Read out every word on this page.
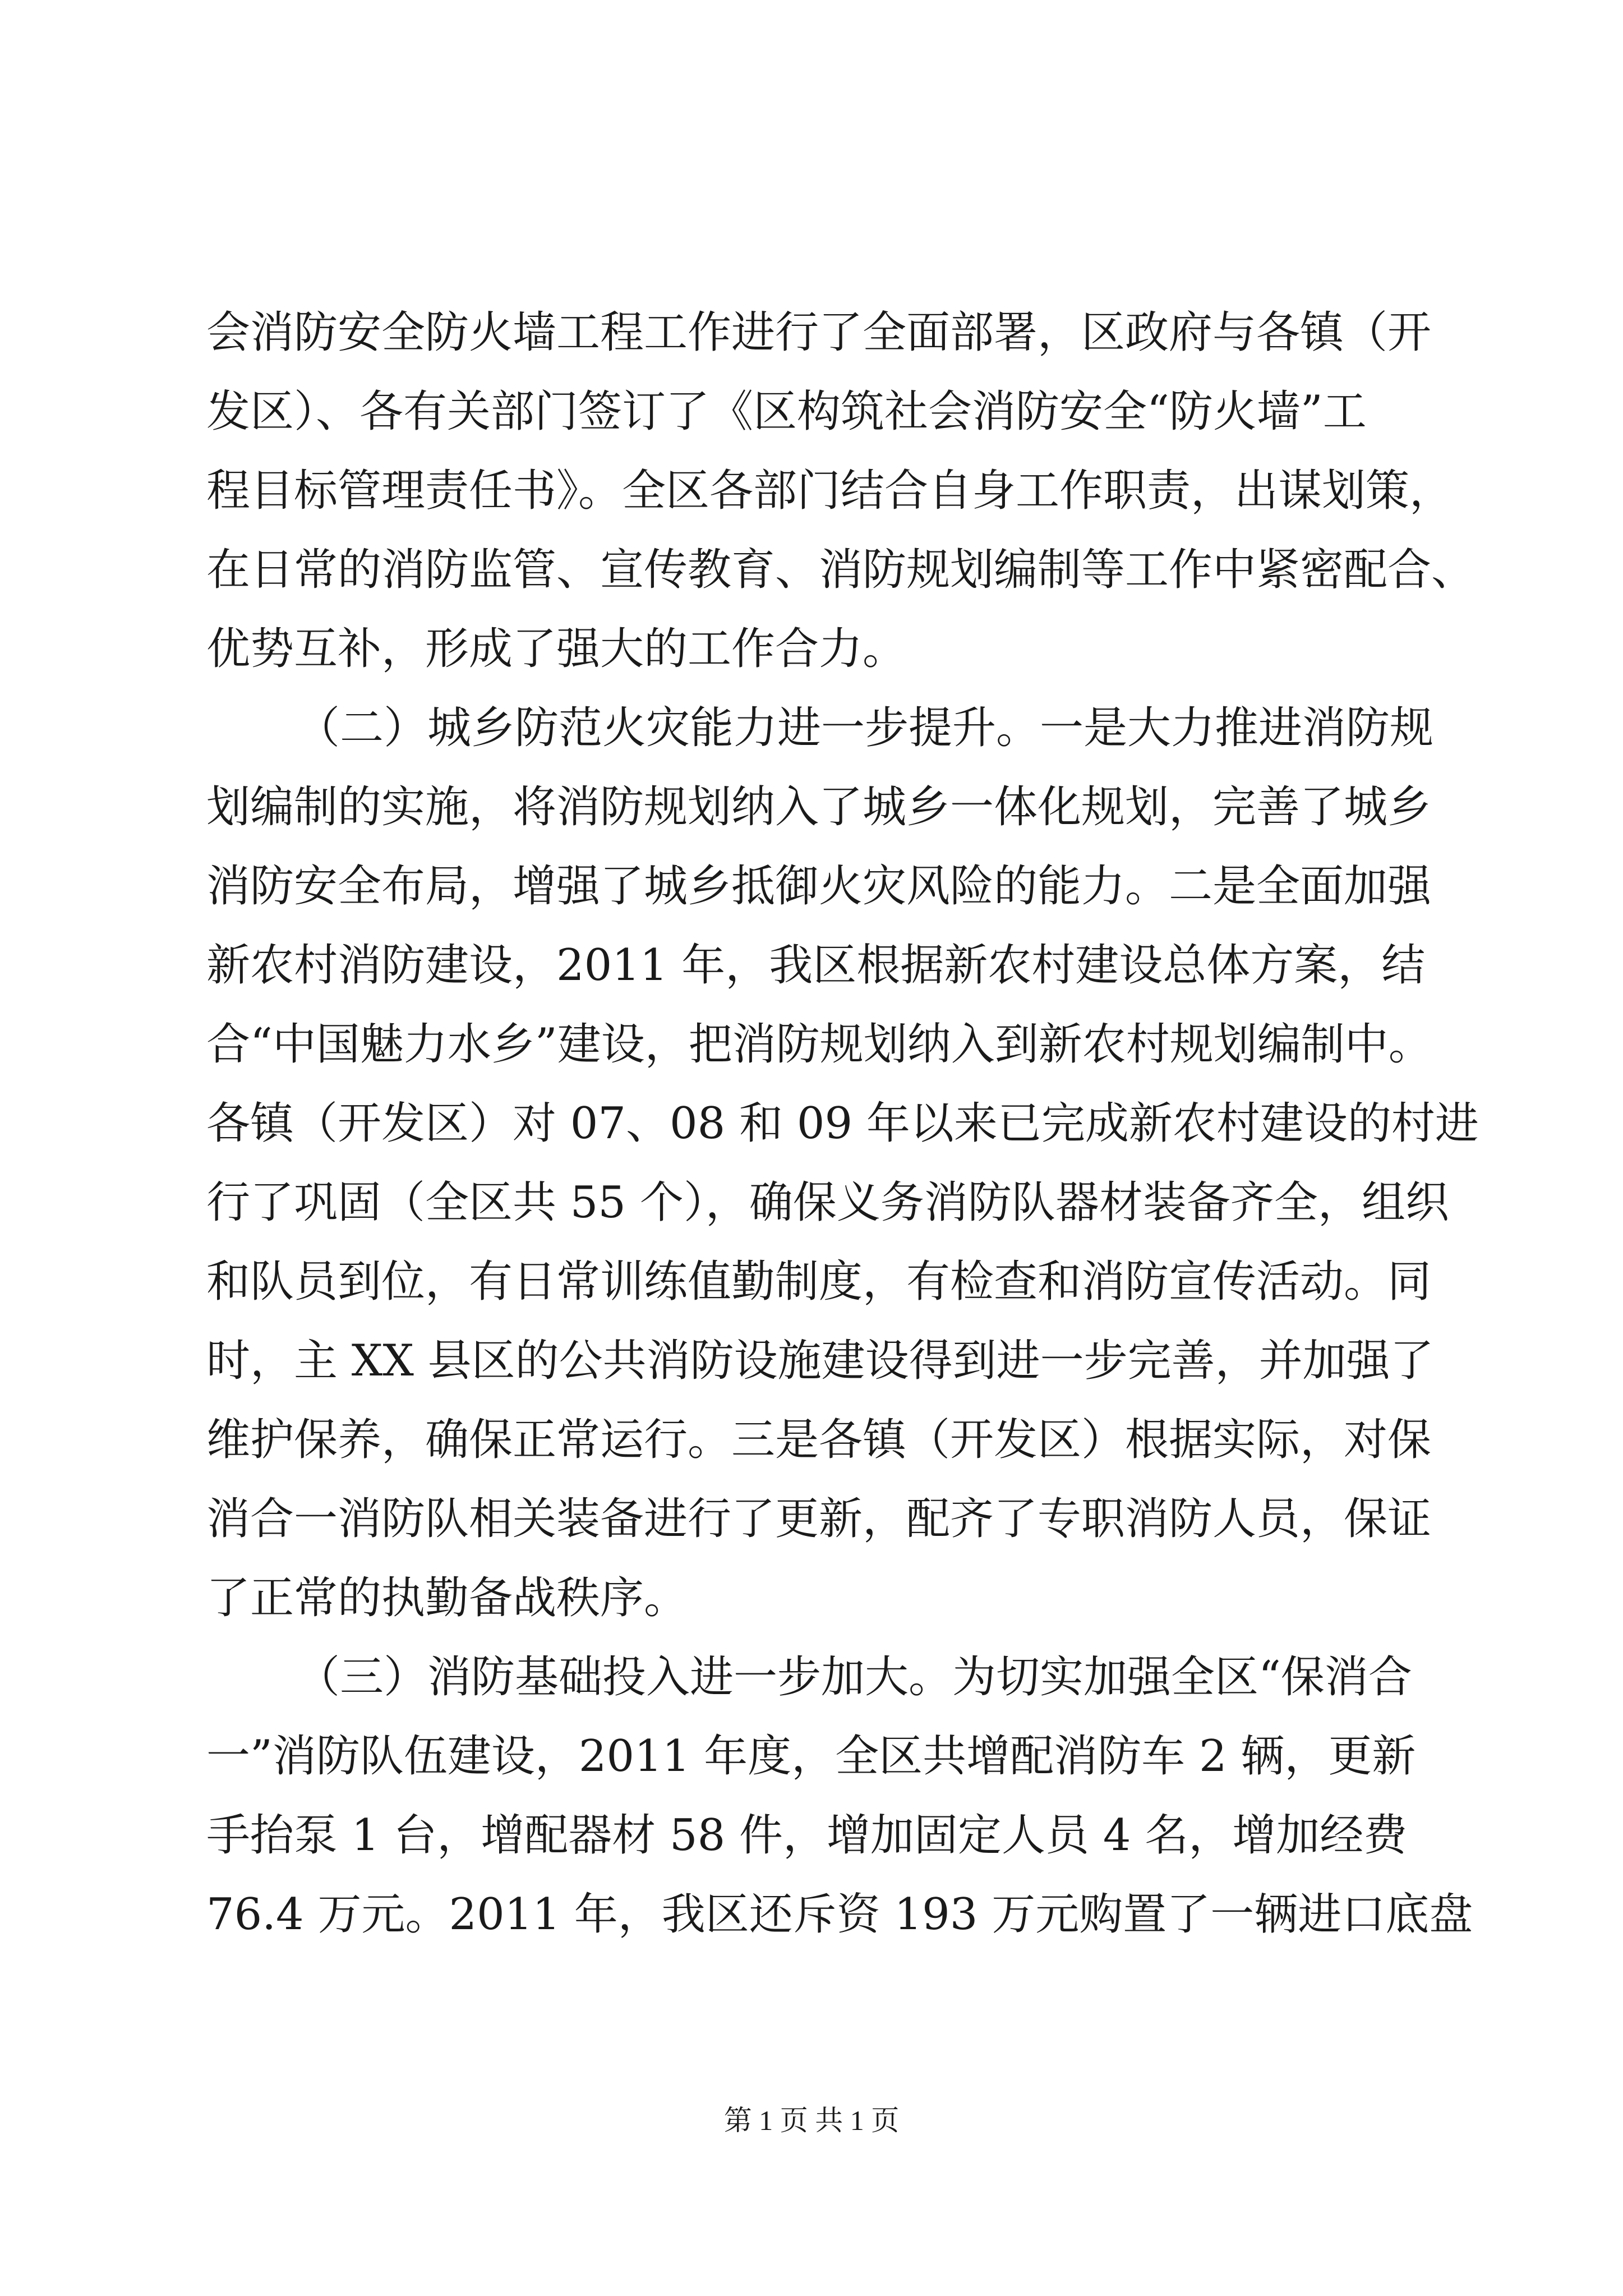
会消防安全防火墙工程工作进行了全面部署，区政府与各镇（开
发区）、各有关部门签订了《区构筑社会消防安全“防火墙”工
程目标管理责任书》。全区各部门结合自身工作职责，出谋划策，
在日常的消防监管、宣传教育、消防规划编制等工作中紧密配合、
优势互补，形成了强大的工作合力。
（二）城乡防范火灾能力进一步提升。一是大力推进消防规
划编制的实施，将消防规划纳入了城乡一体化规划，完善了城乡
消防安全布局，增强了城乡抵御火灾风险的能力。二是全面加强
新农村消防建设，2011 年，我区根据新农村建设总体方案，结
合“中国魅力水乡”建设，把消防规划纳入到新农村规划编制中。
各镇（开发区）对 07、08 和 09 年以来已完成新农村建设的村进
行了巩固（全区共 55 个），确保义务消防队器材装备齐全，组织
和队员到位，有日常训练值勤制度，有检查和消防宣传活动。同
时，主 XX 县区的公共消防设施建设得到进一步完善，并加强了
维护保养，确保正常运行。三是各镇（开发区）根据实际，对保
消合一消防队相关装备进行了更新，配齐了专职消防人员，保证
了正常的执勤备战秩序。
（三）消防基础投入进一步加大。为切实加强全区“保消合
一”消防队伍建设，2011 年度，全区共增配消防车 2 辆，更新
手抬泵 1 台，增配器材 58 件，增加固定人员 4 名，增加经费
76.4 万元。2011 年，我区还斥资 193 万元购置了一辆进口底盘
第 1 页 共 1 页
